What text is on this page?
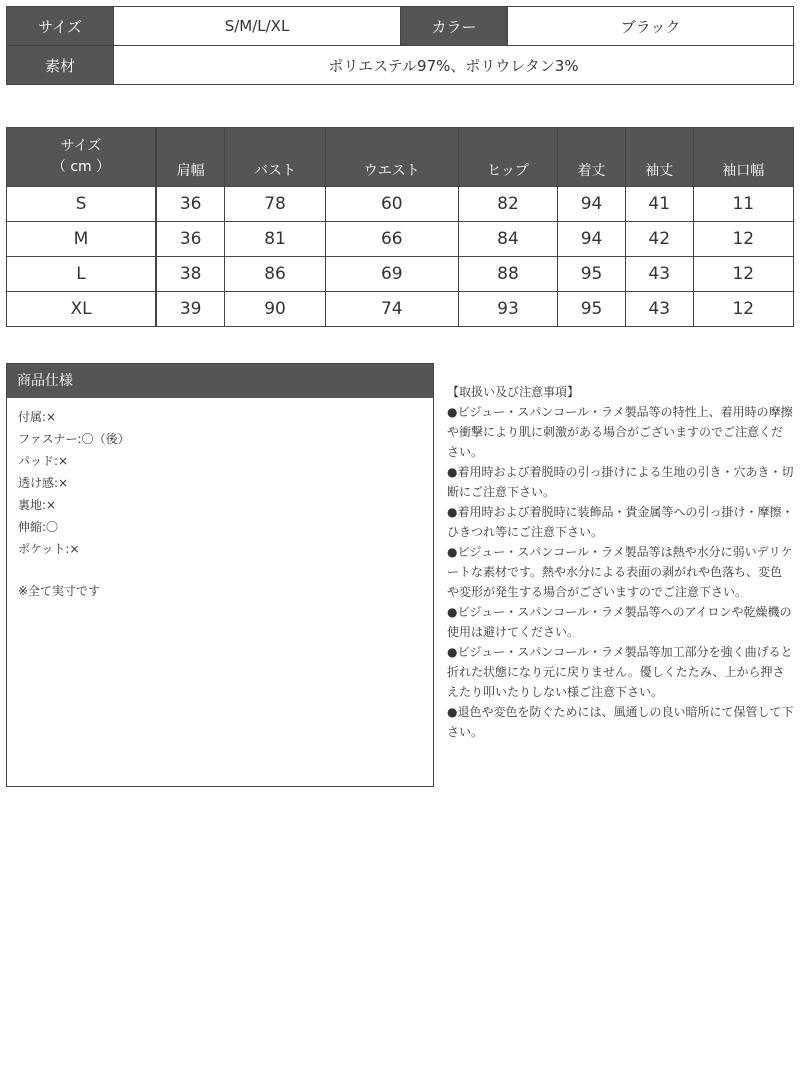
サイズ	S/M/L/XL	カラー	ブラック
素材	ポリエステル97%、ポリウレタン3%		
サイズ
（ cm ）	肩幅	バスト	ウエスト	ヒップ	着丈	袖丈	袖口幅
S	36	78	60	82	94	41	11
M	36	81	66	84	94	42	12
L	38	86	69	88	95	43	12
XL	39	90	74	93	95	43	12
商品仕様
付属:×
ファスナー:〇（後）
パッド:×
透け感:×
裏地:×
伸縮:〇
ポケット:×
※全て実寸です

【取扱い及び注意事項】

●ビジュー・スパンコール・ラメ製品等の特性上、着用時の摩擦や衝撃により肌に刺激がある場合がございますのでご注意ください。

●着用時および着脱時の引っ掛けによる生地の引き・穴あき・切断にご注意下さい。

●着用時および着脱時に装飾品・貴金属等への引っ掛け・摩擦・ひきつれ等にご注意下さい。

●ビジュー・スパンコール・ラメ製品等は熱や水分に弱いデリケートな素材です。熱や水分による表面の剥がれや色落ち、変色や変形が発生する場合がございますのでご注意下さい。

●ビジュー・スパンコール・ラメ製品等へのアイロンや乾燥機の使用は避けてください。

●ビジュー・スパンコール・ラメ製品等加工部分を強く曲げると折れた状態になり元に戻りません。優しくたたみ、上から押さえたり叩いたりしない様ご注意下さい。

●退色や変色を防ぐためには、風通しの良い暗所にて保管して下さい。
